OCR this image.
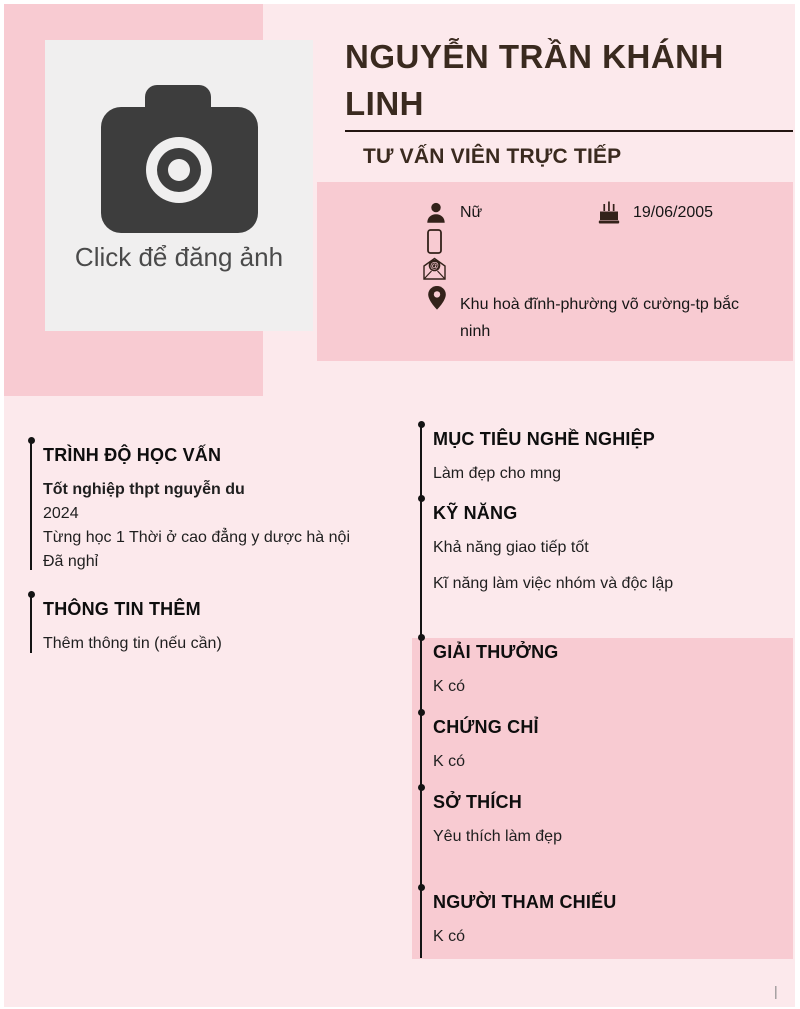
Click để đăng ảnh
NGUYỄN TRẦN KHÁNH LINH
TƯ VẤN VIÊN TRỰC TIẾP
Nữ	19/06/2005
@
Khu hoà đĩnh-phường võ cường-tp bắc ninh
TRÌNH ĐỘ HỌC VẤN

Tốt nghiệp thpt nguyễn du

2024

Từng học 1 Thời ở cao đẳng y dược hà nội

Đã nghỉ

THÔNG TIN THÊM

Thêm thông tin (nếu cần)

MỤC TIÊU NGHỀ NGHIỆP

Làm đẹp cho mng

KỸ NĂNG

Khả năng giao tiếp tốt

Kĩ năng làm việc nhóm và độc lập

GIẢI THƯỞNG

K có

CHỨNG CHỈ

K có

SỞ THÍCH

Yêu thích làm đẹp

NGƯỜI THAM CHIẾU

K có

|
